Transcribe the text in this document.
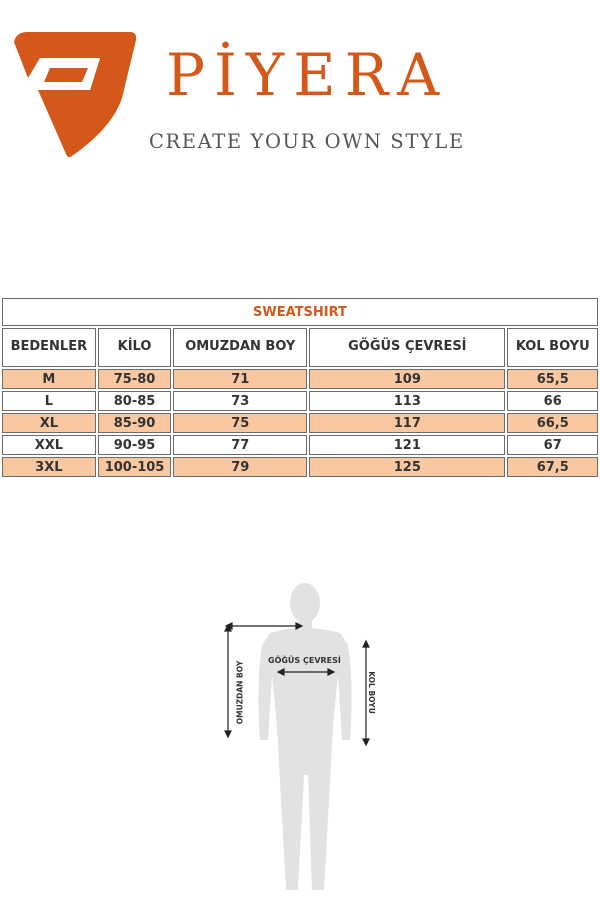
PİYERA
CREATE YOUR OWN STYLE
SWEATSHIRT				
BEDENLER	KİLO	OMUZDAN BOY	GÖĞÜS ÇEVRESİ	KOL BOYU
M	75-80	71	109	65,5
L	80-85	73	113	66
XL	85-90	75	117	66,5
XXL	90-95	77	121	67
3XL	100-105	79	125	67,5
OMUZDAN BOY
GÖĞÜS ÇEVRESİ
KOL BOYU
